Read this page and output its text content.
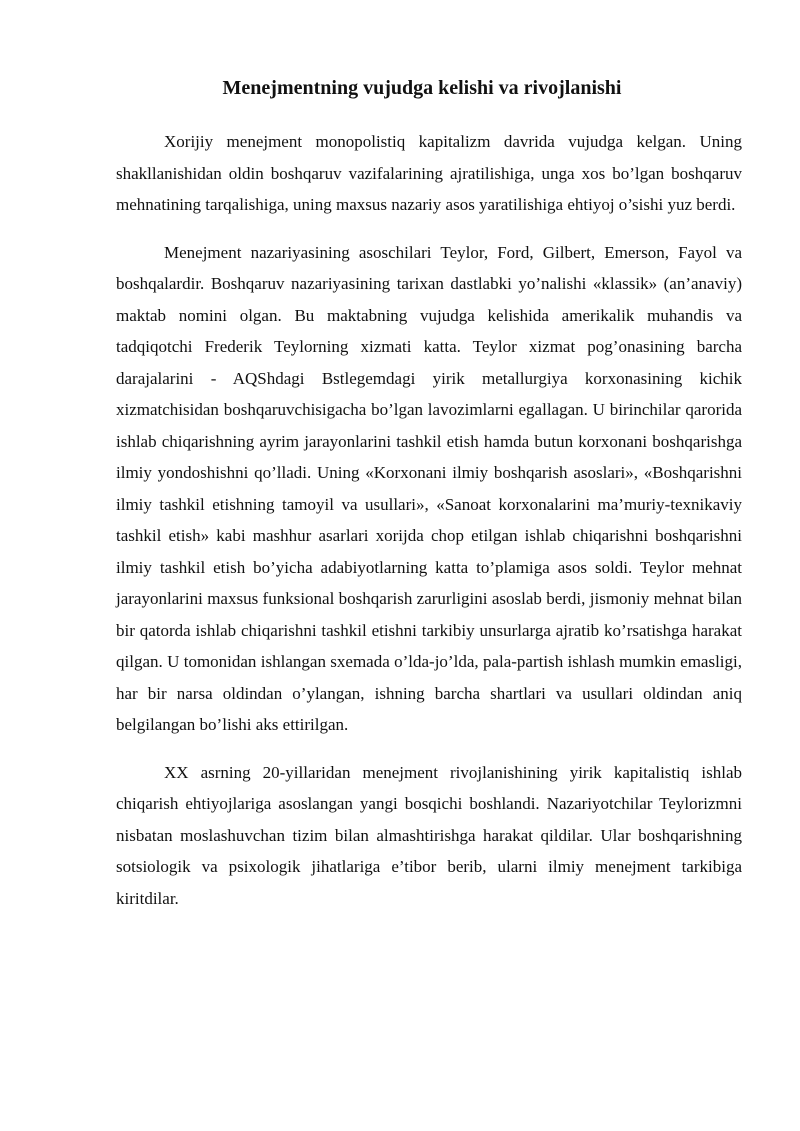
Menejmentning vujudga kelishi va rivojlanishi

Xorijiy menejment monopolistiq kapitalizm davrida vujudga kelgan. Uning shakllanishidan oldin boshqaruv vazifalarining ajratilishiga, unga xos bo’lgan boshqaruv mehnatining tarqalishiga, uning maxsus nazariy asos yaratilishiga ehtiyoj o’sishi yuz berdi.

Menejment nazariyasining asoschilari Teylor, Ford, Gilbert, Emerson, Fayol va boshqalardir. Boshqaruv nazariyasining tarixan dastlabki yo’nalishi «klassik» (an’anaviy) maktab nomini olgan. Bu maktabning vujudga kelishida amerikalik muhandis va tadqiqotchi Frederik Teylorning xizmati katta. Teylor xizmat pog’onasining barcha darajalarini - AQShdagi Bstlegemdagi yirik metallurgiya korxonasining kichik xizmatchisidan boshqaruvchisigacha bo’lgan lavozimlarni egallagan. U birinchilar qarorida ishlab chiqarishning ayrim jarayonlarini tashkil etish hamda butun korxonani boshqarishga ilmiy yondoshishni qo’lladi. Uning «Korxonani ilmiy boshqarish asoslari», «Boshqarishni ilmiy tashkil etishning tamoyil va usullari», «Sanoat korxonalarini ma’muriy-texnikaviy tashkil etish» kabi mashhur asarlari xorijda chop etilgan ishlab chiqarishni boshqarishni ilmiy tashkil etish bo’yicha adabiyotlarning katta to’plamiga asos soldi. Teylor mehnat jarayonlarini maxsus funksional boshqarish zarurligini asoslab berdi, jismoniy mehnat bilan bir qatorda ishlab chiqarishni tashkil etishni tarkibiy unsurlarga ajratib ko’rsatishga harakat qilgan. U tomonidan ishlangan sxemada o’lda-jo’lda, pala-partish ishlash mumkin emasligi, har bir narsa oldindan o’ylangan, ishning barcha shartlari va usullari oldindan aniq belgilangan bo’lishi aks ettirilgan.

XX asrning 20-yillaridan menejment rivojlanishining yirik kapitalistiq ishlab chiqarish ehtiyojlariga asoslangan yangi bosqichi boshlandi. Nazariyotchilar Teylorizmni nisbatan moslashuvchan tizim bilan almashtirishga harakat qildilar. Ular boshqarishning sotsiologik va psixologik jihatlariga e’tibor berib, ularni ilmiy menejment tarkibiga kiritdilar.
